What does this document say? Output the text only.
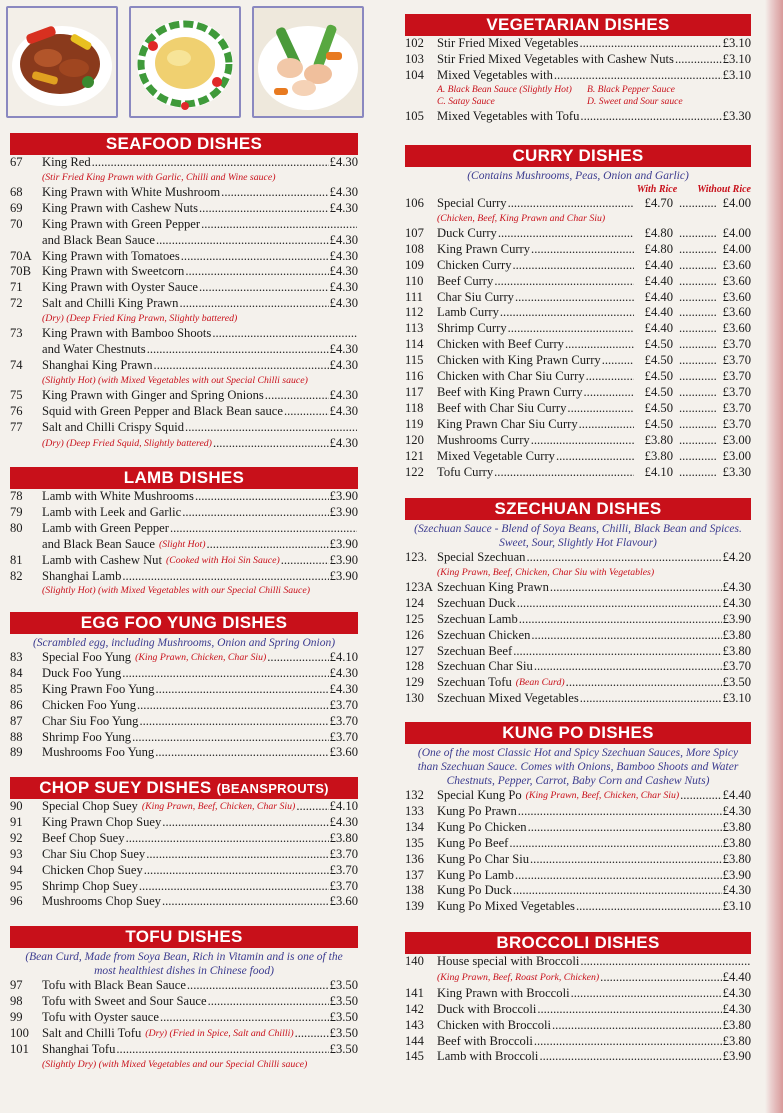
SEAFOOD DISHES
67	King Red .....	£4.30
(Stir Fried King Prawn with Garlic, Chilli and Wine sauce)
68	King Prawn with White Mushroom .....	£4.30
69	King Prawn with Cashew Nuts .....	£4.30
70	King Prawn with Green Pepper
.....
and Black Bean Sauce .....	£4.30
70A King Prawn with Tomatoes .....	£4.30
70B King Prawn with Sweetcorn .....	£4.30
71	King Prawn with Oyster Sauce .....	£4.30
72	Salt and Chilli King Prawn .....	£4.30
(Dry) (Deep Fried King Prawn, Slightly battered)
73	King Prawn with Bamboo Shoots
.....
and Water Chestnuts .....	£4.30
74	Shanghai King Prawn .....	£4.30
(Slightly Hot) (with Mixed Vegetables with out Special Chilli sauce)
75	King Prawn with Ginger and Spring Onions .....	£4.30
76	Squid with Green Pepper and Black Bean sauce .....	£4.30
77	Salt and Chilli Crispy Squid
.....
(Dry) (Deep Fried Squid, Slightly battered) .....	£4.30
LAMB DISHES
78	Lamb with White Mushrooms .....	£3.90
79	Lamb with Leek and Garlic .....	£3.90
80	Lamb with Green Pepper
.....
and Black Bean Sauce (Slight Hot) .....	£3.90
81	Lamb with Cashew Nut (Cooked with Hoi Sin Sauce) .....	£3.90
82	Shanghai Lamb .....	£3.90
(Slightly Hot) (with Mixed Vegetables with our Special Chilli Sauce)
EGG FOO YUNG DISHES
(Scrambled egg, including Mushrooms, Onion and Spring Onion)
83	Special Foo Yung (King Prawn, Chicken, Char Siu) .....	£4.10
84	Duck Foo Yung .....	£4.30
85	King Prawn Foo Yung .....	£4.30
86	Chicken Foo Yung .....	£3.70
87	Char Siu Foo Yung .....	£3.70
88	Shrimp Foo Yung .....	£3.70
89	Mushrooms Foo Yung .....	£3.60
CHOP SUEY DISHES (BEANSPROUTS)
90	Special Chop Suey (King Prawn, Beef, Chicken, Char Siu) .....	£4.10
91	King Prawn Chop Suey .....	£4.30
92	Beef Chop Suey .....	£3.80
93	Char Siu Chop Suey .....	£3.70
94	Chicken Chop Suey .....	£3.70
95	Shrimp Chop Suey .....	£3.70
96	Mushrooms Chop Suey .....	£3.60
TOFU DISHES
(Bean Curd, Made from Soya Bean, Rich in Vitamin and is one of the most healthiest dishes in Chinese food)
97	Tofu with Black Bean Sauce .....	£3.50
98	Tofu with Sweet and Sour Sauce .....	£3.50
99	Tofu with Oyster sauce .....	£3.50
100	Salt and Chilli Tofu (Dry) (Fried in Spice, Salt and Chilli) .....	£3.50
101	Shanghai Tofu .....	£3.50
(Slightly Dry) (with Mixed Vegetables and our Special Chilli sauce)
VEGETARIAN DISHES
102	Stir Fried Mixed Vegetables .....	£3.10
103	Stir Fried Mixed Vegetables with Cashew Nuts .....	£3.10
104	Mixed Vegetables with .....	£3.10
A. Black Bean Sauce (Slightly Hot)	B. Black Pepper Sauce
C. Satay Sauce	D. Sweet and Sour sauce
105	Mixed Vegetables with Tofu .....	£3.30
CURRY DISHES
(Contains Mushrooms, Peas, Onion and Garlic)
With Rice Without Rice
106	Special Curry .....	£4.70 .....	£4.00
(Chicken, Beef, King Prawn and Char Siu)
107	Duck Curry .....	£4.80 .....	£4.00
108	King Prawn Curry .....	£4.80 .....	£4.00
109	Chicken Curry .....	£4.40 .....	£3.60
110	Beef Curry .....	£4.40 .....	£3.60
111	Char Siu Curry .....	£4.40 .....	£3.60
112	Lamb Curry .....	£4.40 .....	£3.60
113	Shrimp Curry .....	£4.40 .....	£3.60
114	Chicken with Beef Curry .....	£4.50 .....	£3.70
115	Chicken with King Prawn Curry .....	£4.50 .....	£3.70
116	Chicken with Char Siu Curry .....	£4.50 .....	£3.70
117	Beef with King Prawn Curry .....	£4.50 .....	£3.70
118	Beef with Char Siu Curry .....	£4.50 .....	£3.70
119	King Prawn Char Siu Curry .....	£4.50 .....	£3.70
120	Mushrooms Curry .....	£3.80 .....	£3.00
121	Mixed Vegetable Curry .....	£3.80 .....	£3.00
122	Tofu Curry .....	£4.10 .....	£3.30
SZECHUAN DISHES
(Szechuan Sauce - Blend of Soya Beans, Chilli, Black Bean and Spices. Sweet, Sour, Slightly Hot Flavour)
123. Special Szechuan .....	£4.20
(King Prawn, Beef, Chicken, Char Siu with Vegetables)
123A Szechuan King Prawn .....	£4.30
124	Szechuan Duck .....	£4.30
125	Szechuan Lamb .....	£3.90
126	Szechuan Chicken .....	£3.80
127	Szechuan Beef .....	£3.80
128	Szechuan Char Siu .....	£3.70
129	Szechuan Tofu (Bean Curd) .....	£3.50
130	Szechuan Mixed Vegetables .....	£3.10
KUNG PO DISHES
(One of the most Classic Hot and Spicy Szechuan Sauces, More Spicy than Szechuan Sauce. Comes with Onions, Bamboo Shoots and Water Chestnuts, Pepper, Carrot, Baby Corn and Cashew Nuts)
132	Special Kung Po (King Prawn, Beef, Chicken, Char Siu) .....	£4.40
133	Kung Po Prawn .....	£4.30
134	Kung Po Chicken .....	£3.80
135	Kung Po Beef .....	£3.80
136	Kung Po Char Siu .....	£3.80
137	Kung Po Lamb .....	£3.90
138	Kung Po Duck .....	£4.30
139	Kung Po Mixed Vegetables .....	£3.10
BROCCOLI DISHES
140	House special with Broccoli
.....
(King Prawn, Beef, Roast Pork, Chicken) .....	£4.40
141	King Prawn with Broccoli .....	£4.30
142	Duck with Broccoli .....	£4.30
143	Chicken with Broccoli .....	£3.80
144	Beef with Broccoli .....	£3.80
145	Lamb with Broccoli .....	£3.90
